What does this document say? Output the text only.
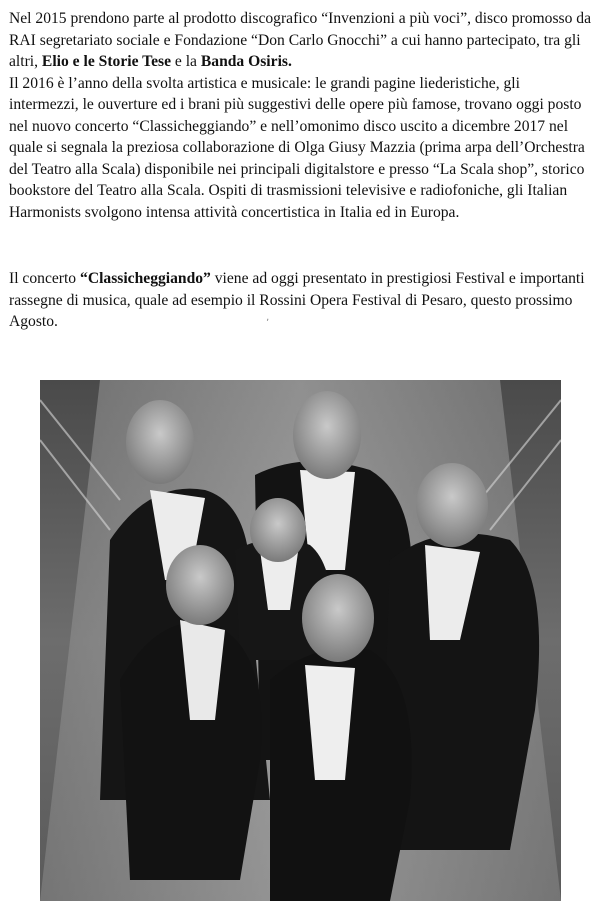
Nel 2015 prendono parte al prodotto discografico “Invenzioni a più voci”, disco promosso da RAI segretariato sociale e Fondazione “Don Carlo Gnocchi” a cui hanno partecipato, tra gli altri, Elio e le Storie Tese e la Banda Osiris.

Il 2016 è l’anno della svolta artistica e musicale: le grandi pagine liederistiche, gli intermezzi, le ouverture ed i brani più suggestivi delle opere più famose, trovano oggi posto nel nuovo concerto “Classicheggiando” e nell’omonimo disco uscito a dicembre 2017 nel quale si segnala la preziosa collaborazione di Olga Giusy Mazzia (prima arpa dell’Orchestra del Teatro alla Scala) disponibile nei principali digitalstore e presso “La Scala shop”, storico bookstore del Teatro alla Scala. Ospiti di trasmissioni televisive e radiofoniche, gli Italian Harmonists svolgono intensa attività concertistica in Italia ed in Europa.

Il concerto “Classicheggiando” viene ad oggi presentato in prestigiosi Festival e importanti rassegne di musica, quale ad esempio il Rossini Opera Festival di Pesaro, questo prossimo Agosto.	ʼ
